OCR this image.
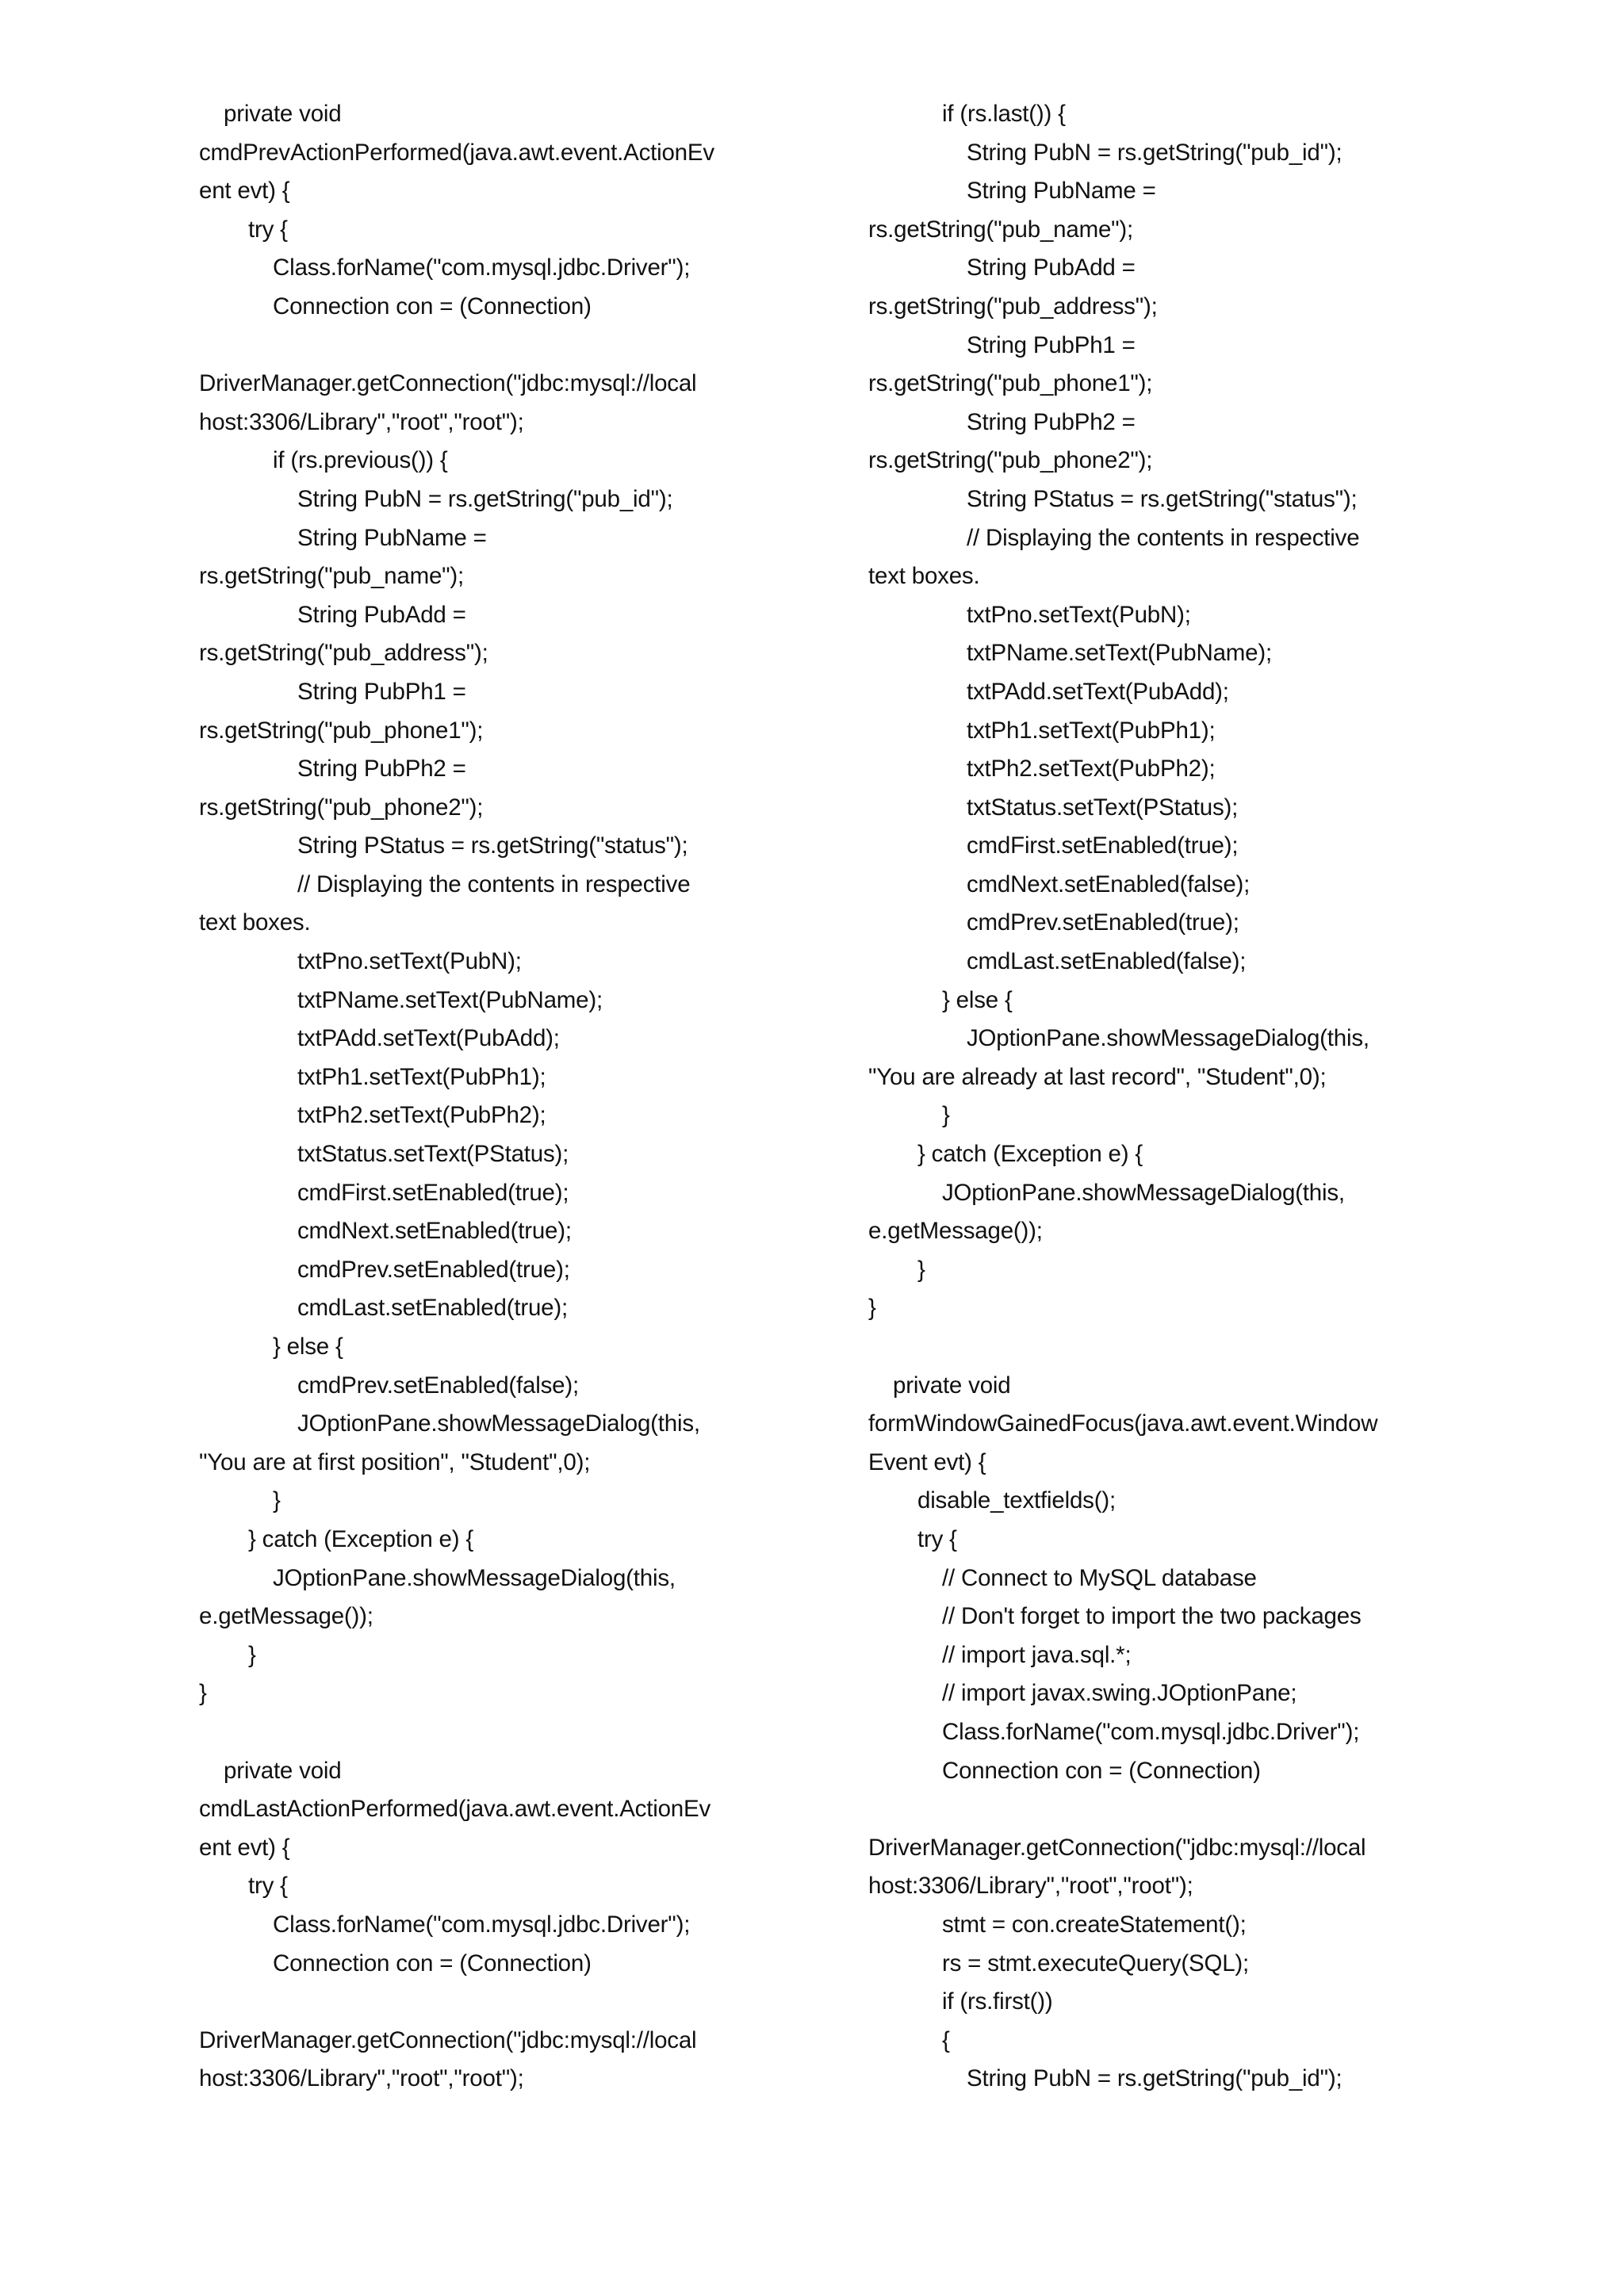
private void
cmdPrevActionPerformed(java.awt.event.ActionEv
ent evt) {
try {
Class.forName("com.mysql.jdbc.Driver");
Connection con = (Connection)
DriverManager.getConnection("jdbc:mysql://local
host:3306/Library","root","root");
if (rs.previous()) {
String PubN = rs.getString("pub_id");
String PubName =
rs.getString("pub_name");
String PubAdd =
rs.getString("pub_address");
String PubPh1 =
rs.getString("pub_phone1");
String PubPh2 =
rs.getString("pub_phone2");
String PStatus = rs.getString("status");
// Displaying the contents in respective
text boxes.
txtPno.setText(PubN);
txtPName.setText(PubName);
txtPAdd.setText(PubAdd);
txtPh1.setText(PubPh1);
txtPh2.setText(PubPh2);
txtStatus.setText(PStatus);
cmdFirst.setEnabled(true);
cmdNext.setEnabled(true);
cmdPrev.setEnabled(true);
cmdLast.setEnabled(true);
} else {
cmdPrev.setEnabled(false);
JOptionPane.showMessageDialog(this,
"You are at first position", "Student",0);
}
} catch (Exception e) {
JOptionPane.showMessageDialog(this,
e.getMessage());
}
}
private void
cmdLastActionPerformed(java.awt.event.ActionEv
ent evt) {
try {
Class.forName("com.mysql.jdbc.Driver");
Connection con = (Connection)
DriverManager.getConnection("jdbc:mysql://local
host:3306/Library","root","root");
if (rs.last()) {
String PubN = rs.getString("pub_id");
String PubName =
rs.getString("pub_name");
String PubAdd =
rs.getString("pub_address");
String PubPh1 =
rs.getString("pub_phone1");
String PubPh2 =
rs.getString("pub_phone2");
String PStatus = rs.getString("status");
// Displaying the contents in respective
text boxes.
txtPno.setText(PubN);
txtPName.setText(PubName);
txtPAdd.setText(PubAdd);
txtPh1.setText(PubPh1);
txtPh2.setText(PubPh2);
txtStatus.setText(PStatus);
cmdFirst.setEnabled(true);
cmdNext.setEnabled(false);
cmdPrev.setEnabled(true);
cmdLast.setEnabled(false);
} else {
JOptionPane.showMessageDialog(this,
"You are already at last record", "Student",0);
}
} catch (Exception e) {
JOptionPane.showMessageDialog(this,
e.getMessage());
}
}
private void
formWindowGainedFocus(java.awt.event.Window
Event evt) {
disable_textfields();
try {
// Connect to MySQL database
// Don't forget to import the two packages
// import java.sql.*;
// import javax.swing.JOptionPane;
Class.forName("com.mysql.jdbc.Driver");
Connection con = (Connection)
DriverManager.getConnection("jdbc:mysql://local
host:3306/Library","root","root");
stmt = con.createStatement();
rs = stmt.executeQuery(SQL);
if (rs.first())
{
String PubN = rs.getString("pub_id");
